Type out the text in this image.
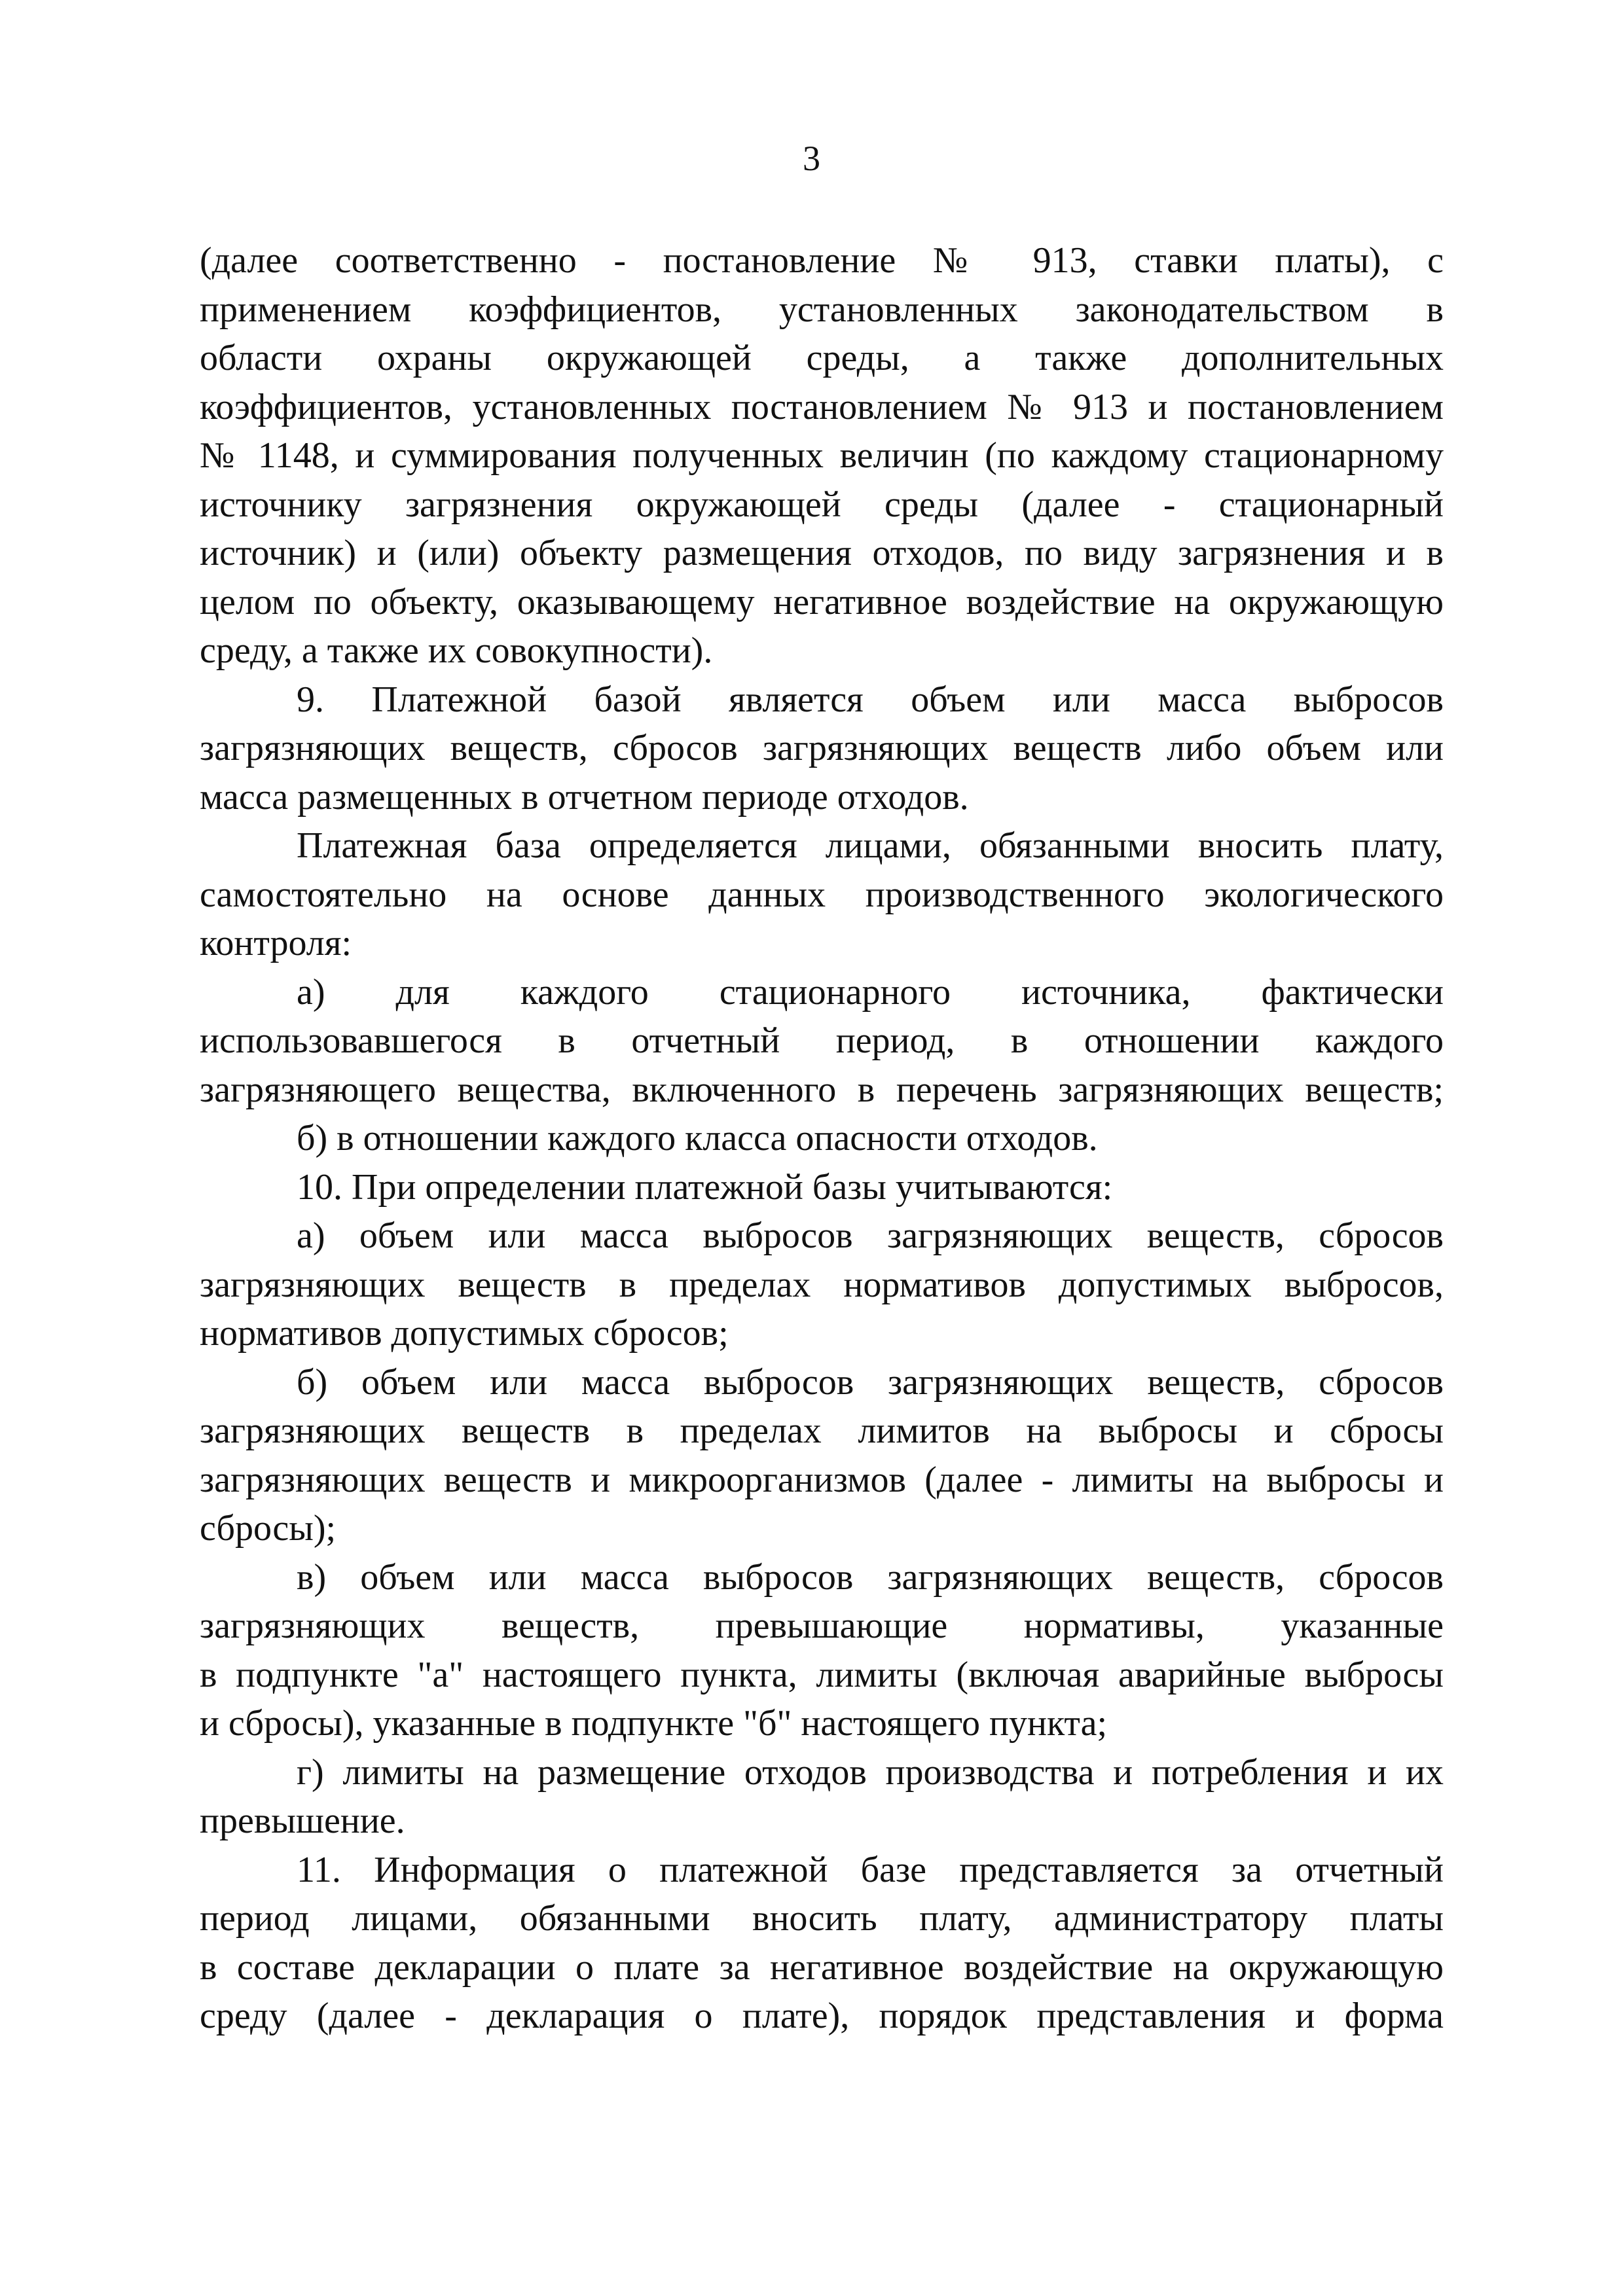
3

(далее соответственно - постановление № 913, ставки платы), с
применением коэффициентов, установленных законодательством в
области охраны окружающей среды, а также дополнительных
коэффициентов, установленных постановлением № 913 и постановлением
№ 1148, и суммирования полученных величин (по каждому стационарному
источнику загрязнения окружающей среды (далее - стационарный
источник) и (или) объекту размещения отходов, по виду загрязнения и в
целом по объекту, оказывающему негативное воздействие на окружающую
среду, а также их совокупности).

9. Платежной базой является объем или масса выбросов
загрязняющих веществ, сбросов загрязняющих веществ либо объем или
масса размещенных в отчетном периоде отходов.

Платежная база определяется лицами, обязанными вносить плату,
самостоятельно на основе данных производственного экологического
контроля:

а) для каждого стационарного источника, фактически
использовавшегося в отчетный период, в отношении каждого
загрязняющего вещества, включенного в перечень загрязняющих веществ;

б) в отношении каждого класса опасности отходов.

10. При определении платежной базы учитываются:

а) объем или масса выбросов загрязняющих веществ, сбросов
загрязняющих веществ в пределах нормативов допустимых выбросов,
нормативов допустимых сбросов;

б) объем или масса выбросов загрязняющих веществ, сбросов
загрязняющих веществ в пределах лимитов на выбросы и сбросы
загрязняющих веществ и микроорганизмов (далее - лимиты на выбросы и
сбросы);

в) объем или масса выбросов загрязняющих веществ, сбросов
загрязняющих веществ, превышающие нормативы, указанные
в подпункте "а" настоящего пункта, лимиты (включая аварийные выбросы
и сбросы), указанные в подпункте "б" настоящего пункта;

г) лимиты на размещение отходов производства и потребления и их
превышение.

11. Информация о платежной базе представляется за отчетный
период лицами, обязанными вносить плату, администратору платы
в составе декларации о плате за негативное воздействие на окружающую
среду (далее - декларация о плате), порядок представления и форма
